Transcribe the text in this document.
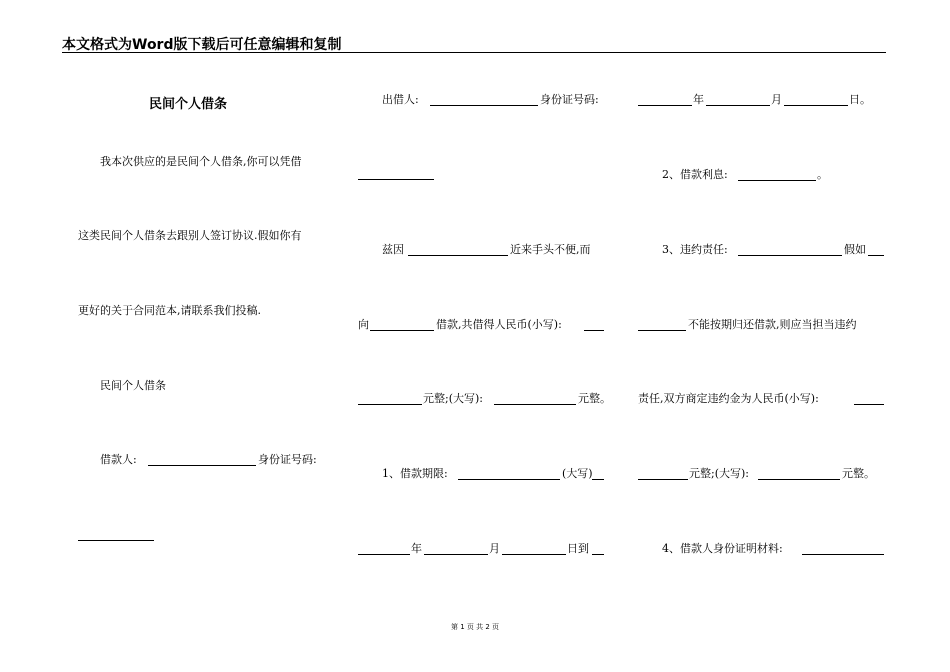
本文格式为Word版下载后可任意编辑和复制
民间个人借条
我本次供应的是民间个人借条,你可以凭借
这类民间个人借条去跟别人签订协议.假如你有
更好的关于合同范本,请联系我们投稿.
民间个人借条
借款人:	身份证号码:
出借人:	身份证号码:
兹因	近来手头不便,而
向	借款,共借得人民币(小写):
元整;(大写):	元整。
1、借款期限:	(大写)
年	月	日到
年	月	日。
2、借款利息:	。
3、违约责任:	假如
不能按期归还借款,则应当担当违约
责任,双方商定违约金为人民币(小写):
元整;(大写):	元整。
4、借款人身份证明材料:
第 1 页 共 2 页
